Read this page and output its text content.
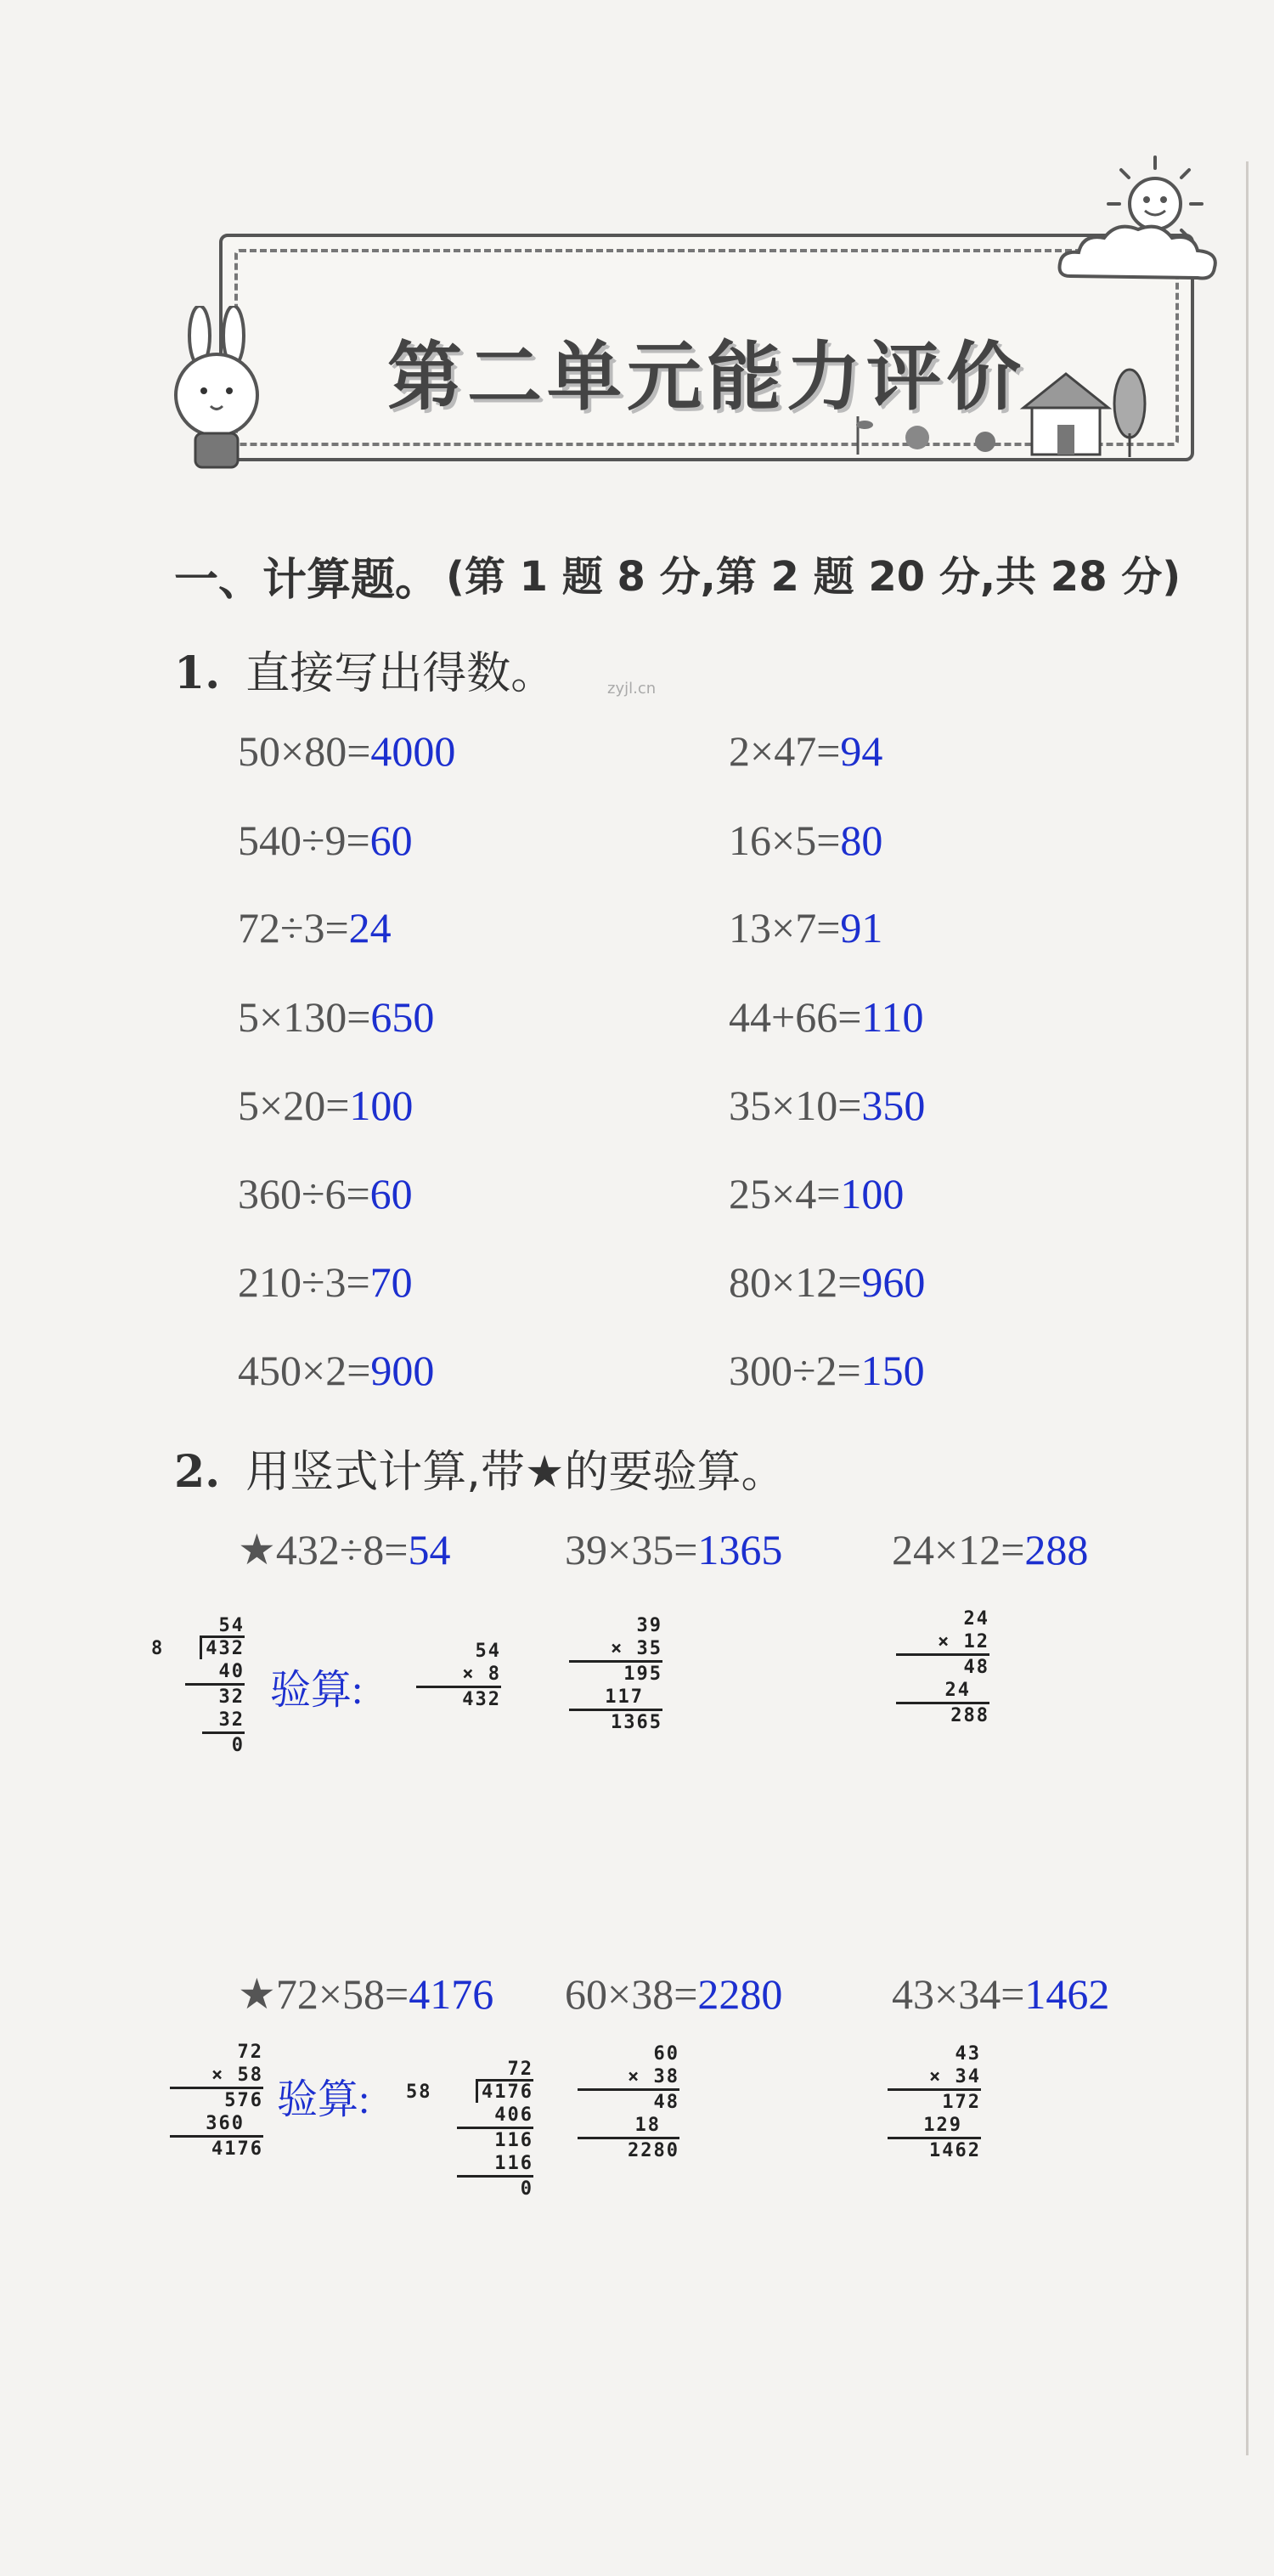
第二单元能力评价
一、计算题。 (第 1 题 8 分,第 2 题 20 分,共 28 分)
1. 直接写出得数。	zyjl.cn
50×80=4000
540÷9=60
72÷3=24
5×130=650
5×20=100
360÷6=60
210÷3=70
450×2=900
2×47=94
16×5=80
13×7=91
44+66=110
35×10=350
25×4=100
80×12=960
300÷2=150
2. 用竖式计算,带★的要验算。
★432÷8=54	39×35=1365	24×12=288
54
8 432
40
32
32
0
验算:
54
× 8
432
39
× 35
195
117
1365
24
× 12
48
24
288
★72×58=4176 60×38=2280	43×34=1462
72
× 58
576
360
4176
验算:
72
58	4176
406
116
116
0
60
× 38
48
18
2280
43
× 34
172
129
1462
